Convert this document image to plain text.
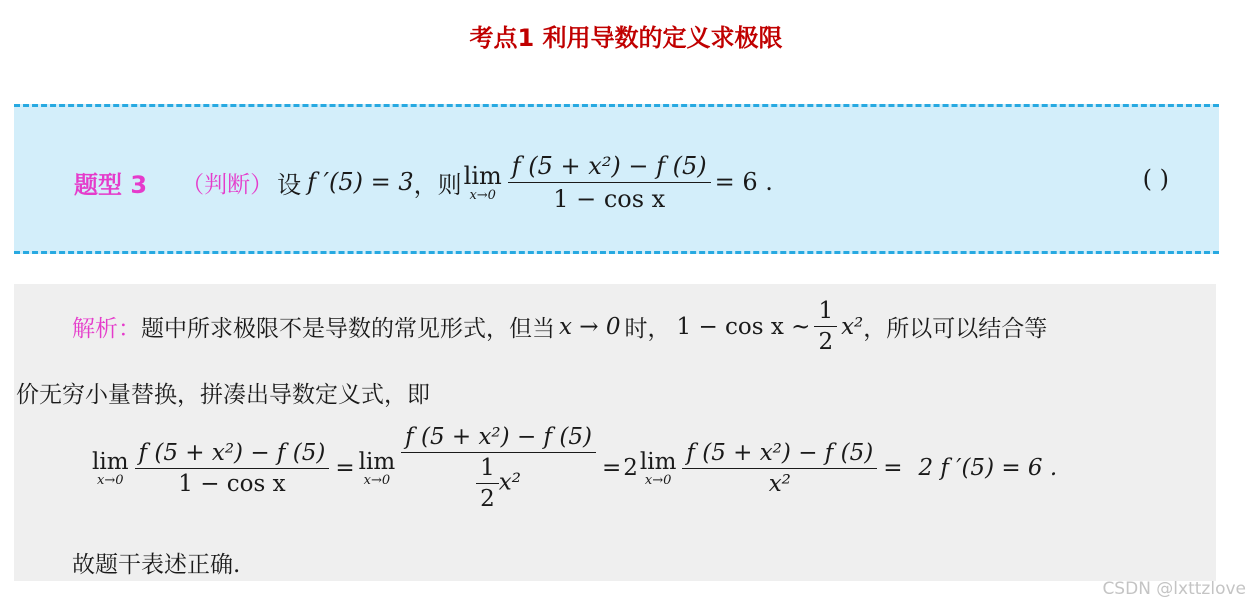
考点1 利用导数的定义求极限
题型 3 （判断） 设 f ′(5) = 3 ，则 lim
$x\to 0 \frac{\text{f (5 + x²) − f (5)}}{\text{1 − cos x}} = 6$ .	( )
解析： 题中所求极限不是导数的常见形式，但当 x → 0 时， 1 − cos x ~ $\frac{1}{2} x^2$ ，所以可以结合等
价无穷小量替换，拼凑出导数定义式，即
lim
$x\to 0 \frac{\text{f (5 + x²) − f (5)}}{\text{1 − cos x}} = \lim$
$x\to 0 \frac{\text{f (5 + x²) − f (5)}}{\frac{1}{2} x^2} = 2$ lim
$x\to 0 \frac{\text{f (5 + x²) − f (5)}}{\text{x²}} = 2$ f ′(5) = 6 .
故题干表述正确.
CSDN @lxttzlove
